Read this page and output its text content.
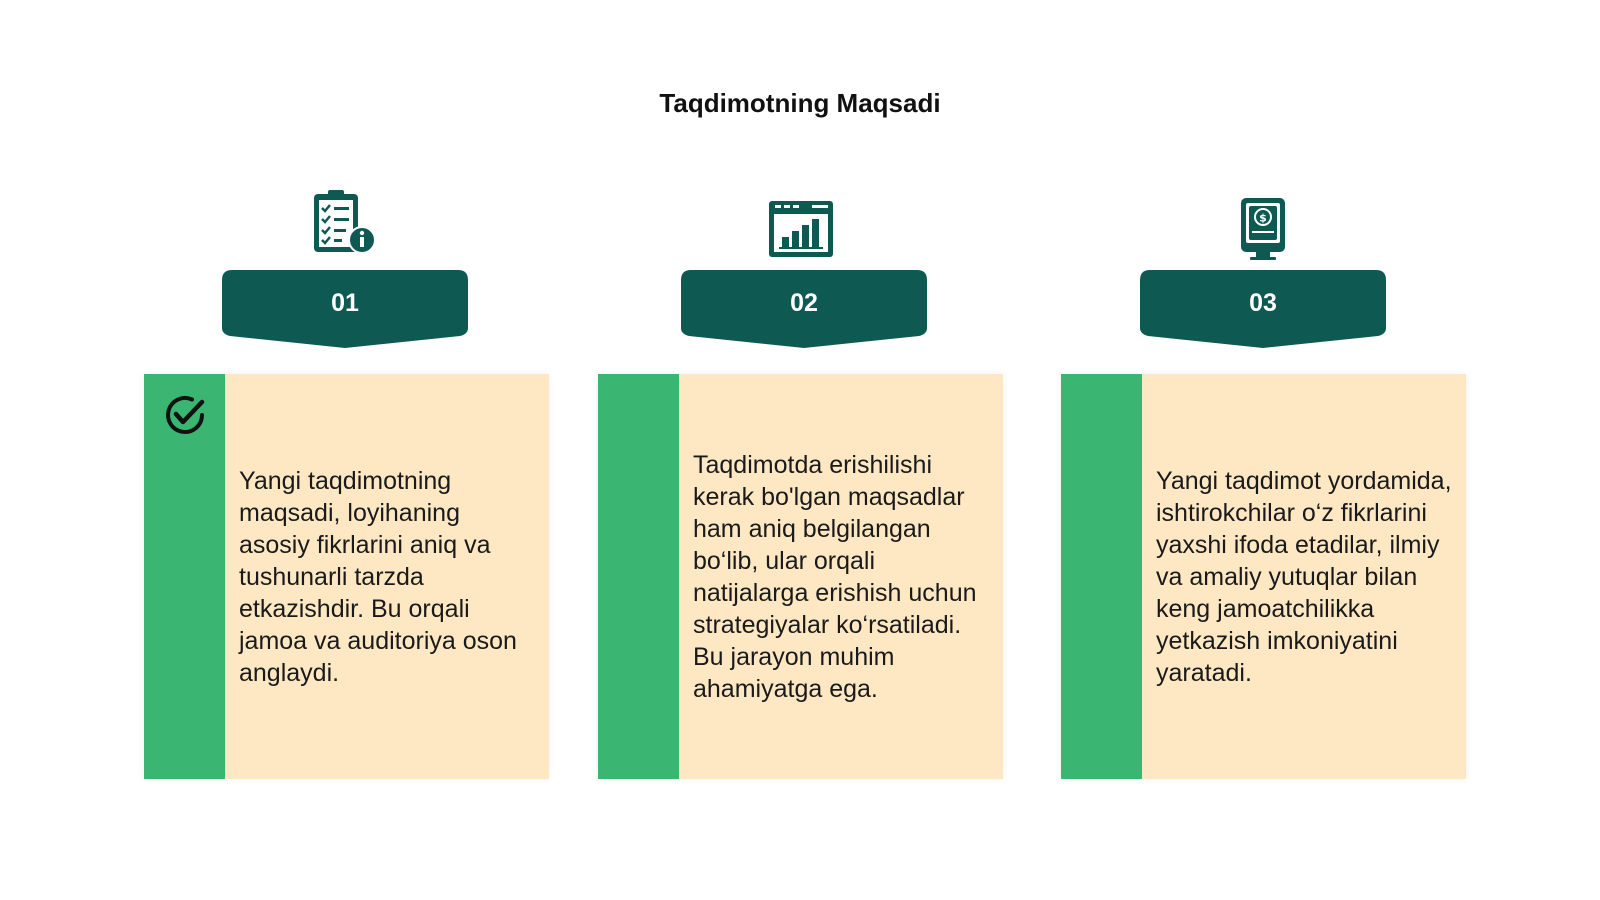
Taqdimotning Maqsadi
01
Yangi taqdimotning maqsadi, loyihaning asosiy fikrlarini aniq va tushunarli tarzda etkazishdir. Bu orqali jamoa va auditoriya oson anglaydi.
02
Taqdimotda erishilishi kerak bo'lgan maqsadlar ham aniq belgilangan bo‘lib, ular orqali natijalarga erishish uchun strategiyalar ko‘rsatiladi. Bu jarayon muhim ahamiyatga ega.
$
03
Yangi taqdimot yordamida, ishtirokchilar o‘z fikrlarini yaxshi ifoda etadilar, ilmiy va amaliy yutuqlar bilan keng jamoatchilikka yetkazish imkoniyatini yaratadi.
